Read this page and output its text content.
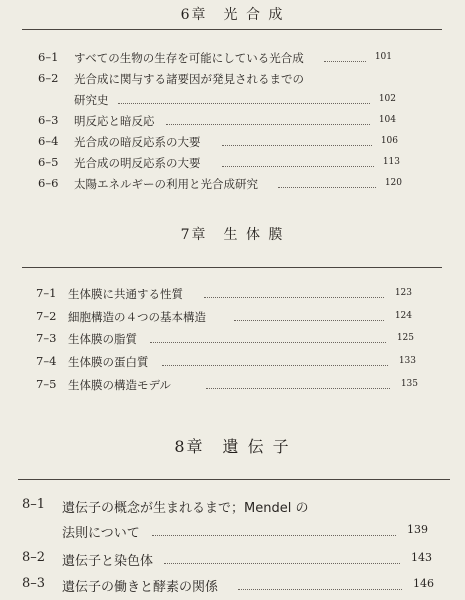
6章　光 合 成
6–1 すべての生物の生存を可能にしている光合成	101
6–2 光合成に関与する諸要因が発見されるまでの
研究史	102
6–3 明反応と暗反応	104
6–4 光合成の暗反応系の大要	106
6–5 光合成の明反応系の大要	113
6–6 太陽エネルギーの利用と光合成研究	120
7章　生 体 膜
7–1 生体膜に共通する性質	123
7–2 細胞構造の４つの基本構造	124
7–3 生体膜の脂質	125
7–4 生体膜の蛋白質	133
7–5 生体膜の構造モデル	135
8章　遺 伝 子
8–1 遺伝子の概念が生まれるまで；Mendel の
法則について	139
8–2 遺伝子と染色体	143
8–3 遺伝子の働きと酵素の関係	146
